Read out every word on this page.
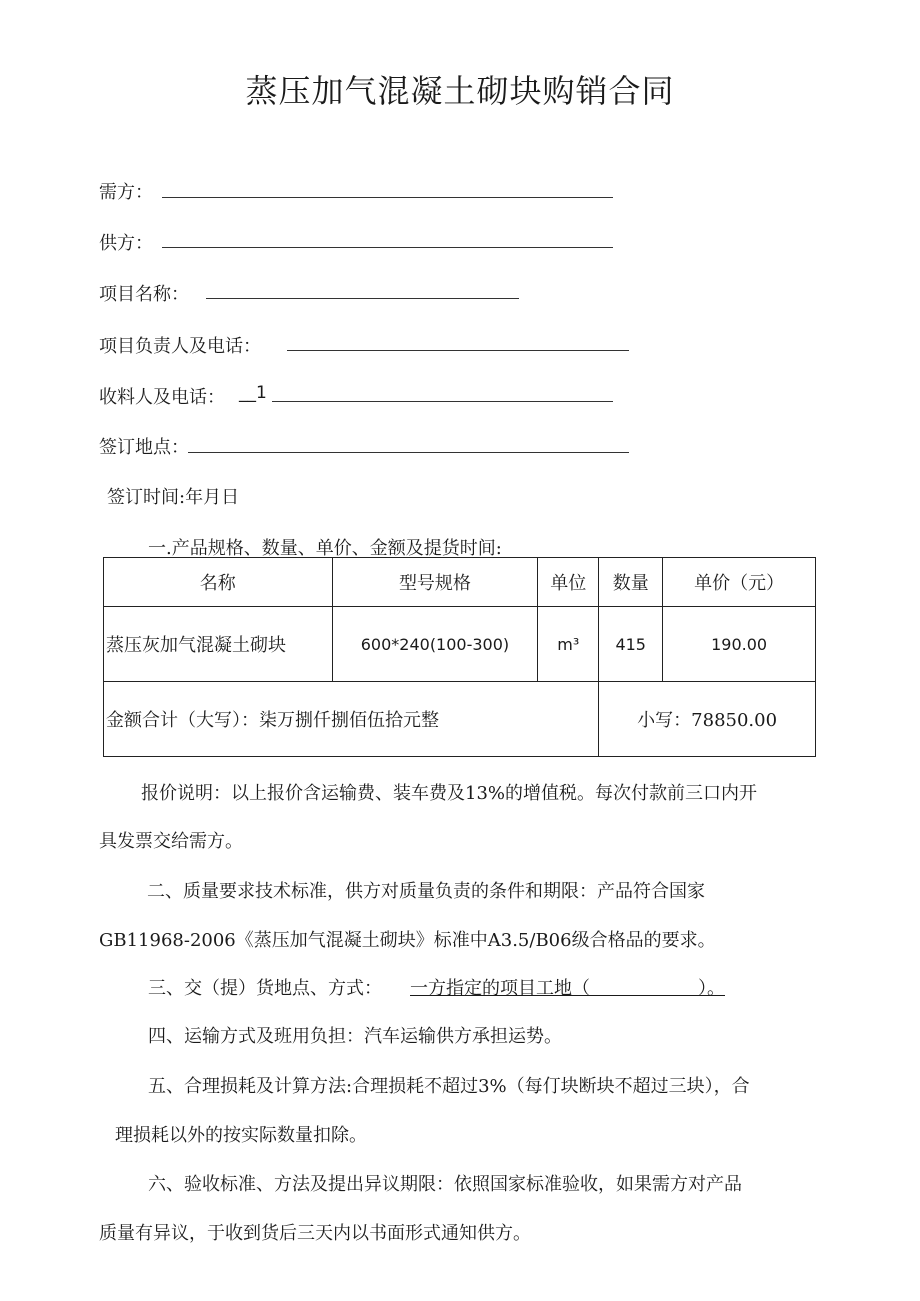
蒸压加气混凝土砌块购销合同
需方：
供方：
项目名称：
项目负责人及电话：
收料人及电话： __1
签订地点：
签订时间:年月日
一.产品规格、数量、单价、金额及提货时间:
名称	型号规格	单位	数量	单价（元）
蒸压灰加气混凝土砌块	600*240(100-300)	m³	415	190.00
金额合计（大写）：柒万捌仟捌佰伍拾元整			小写：78850.00	
报价说明：以上报价含运输费、装车费及13%的增值税。每次付款前三口内开
具发票交给需方。
二、质量要求技术标准，供方对质量负责的条件和期限：产品符合国家
GB11968-2006《蒸压加气混凝土砌块》标准中A3.5/B06级合格品的要求。
三、交（提）货地点、方式： 一方指定的项目工地（　　　　　　）。
四、运输方式及班用负担：汽车运输供方承担运势。
五、合理损耗及计算方法:合理损耗不超过3%（每仃块断块不超过三块），合
理损耗以外的按实际数量扣除。
六、验收标准、方法及提出异议期限：依照国家标准验收，如果需方对产品
质量有异议，于收到货后三天内以书面形式通知供方。
